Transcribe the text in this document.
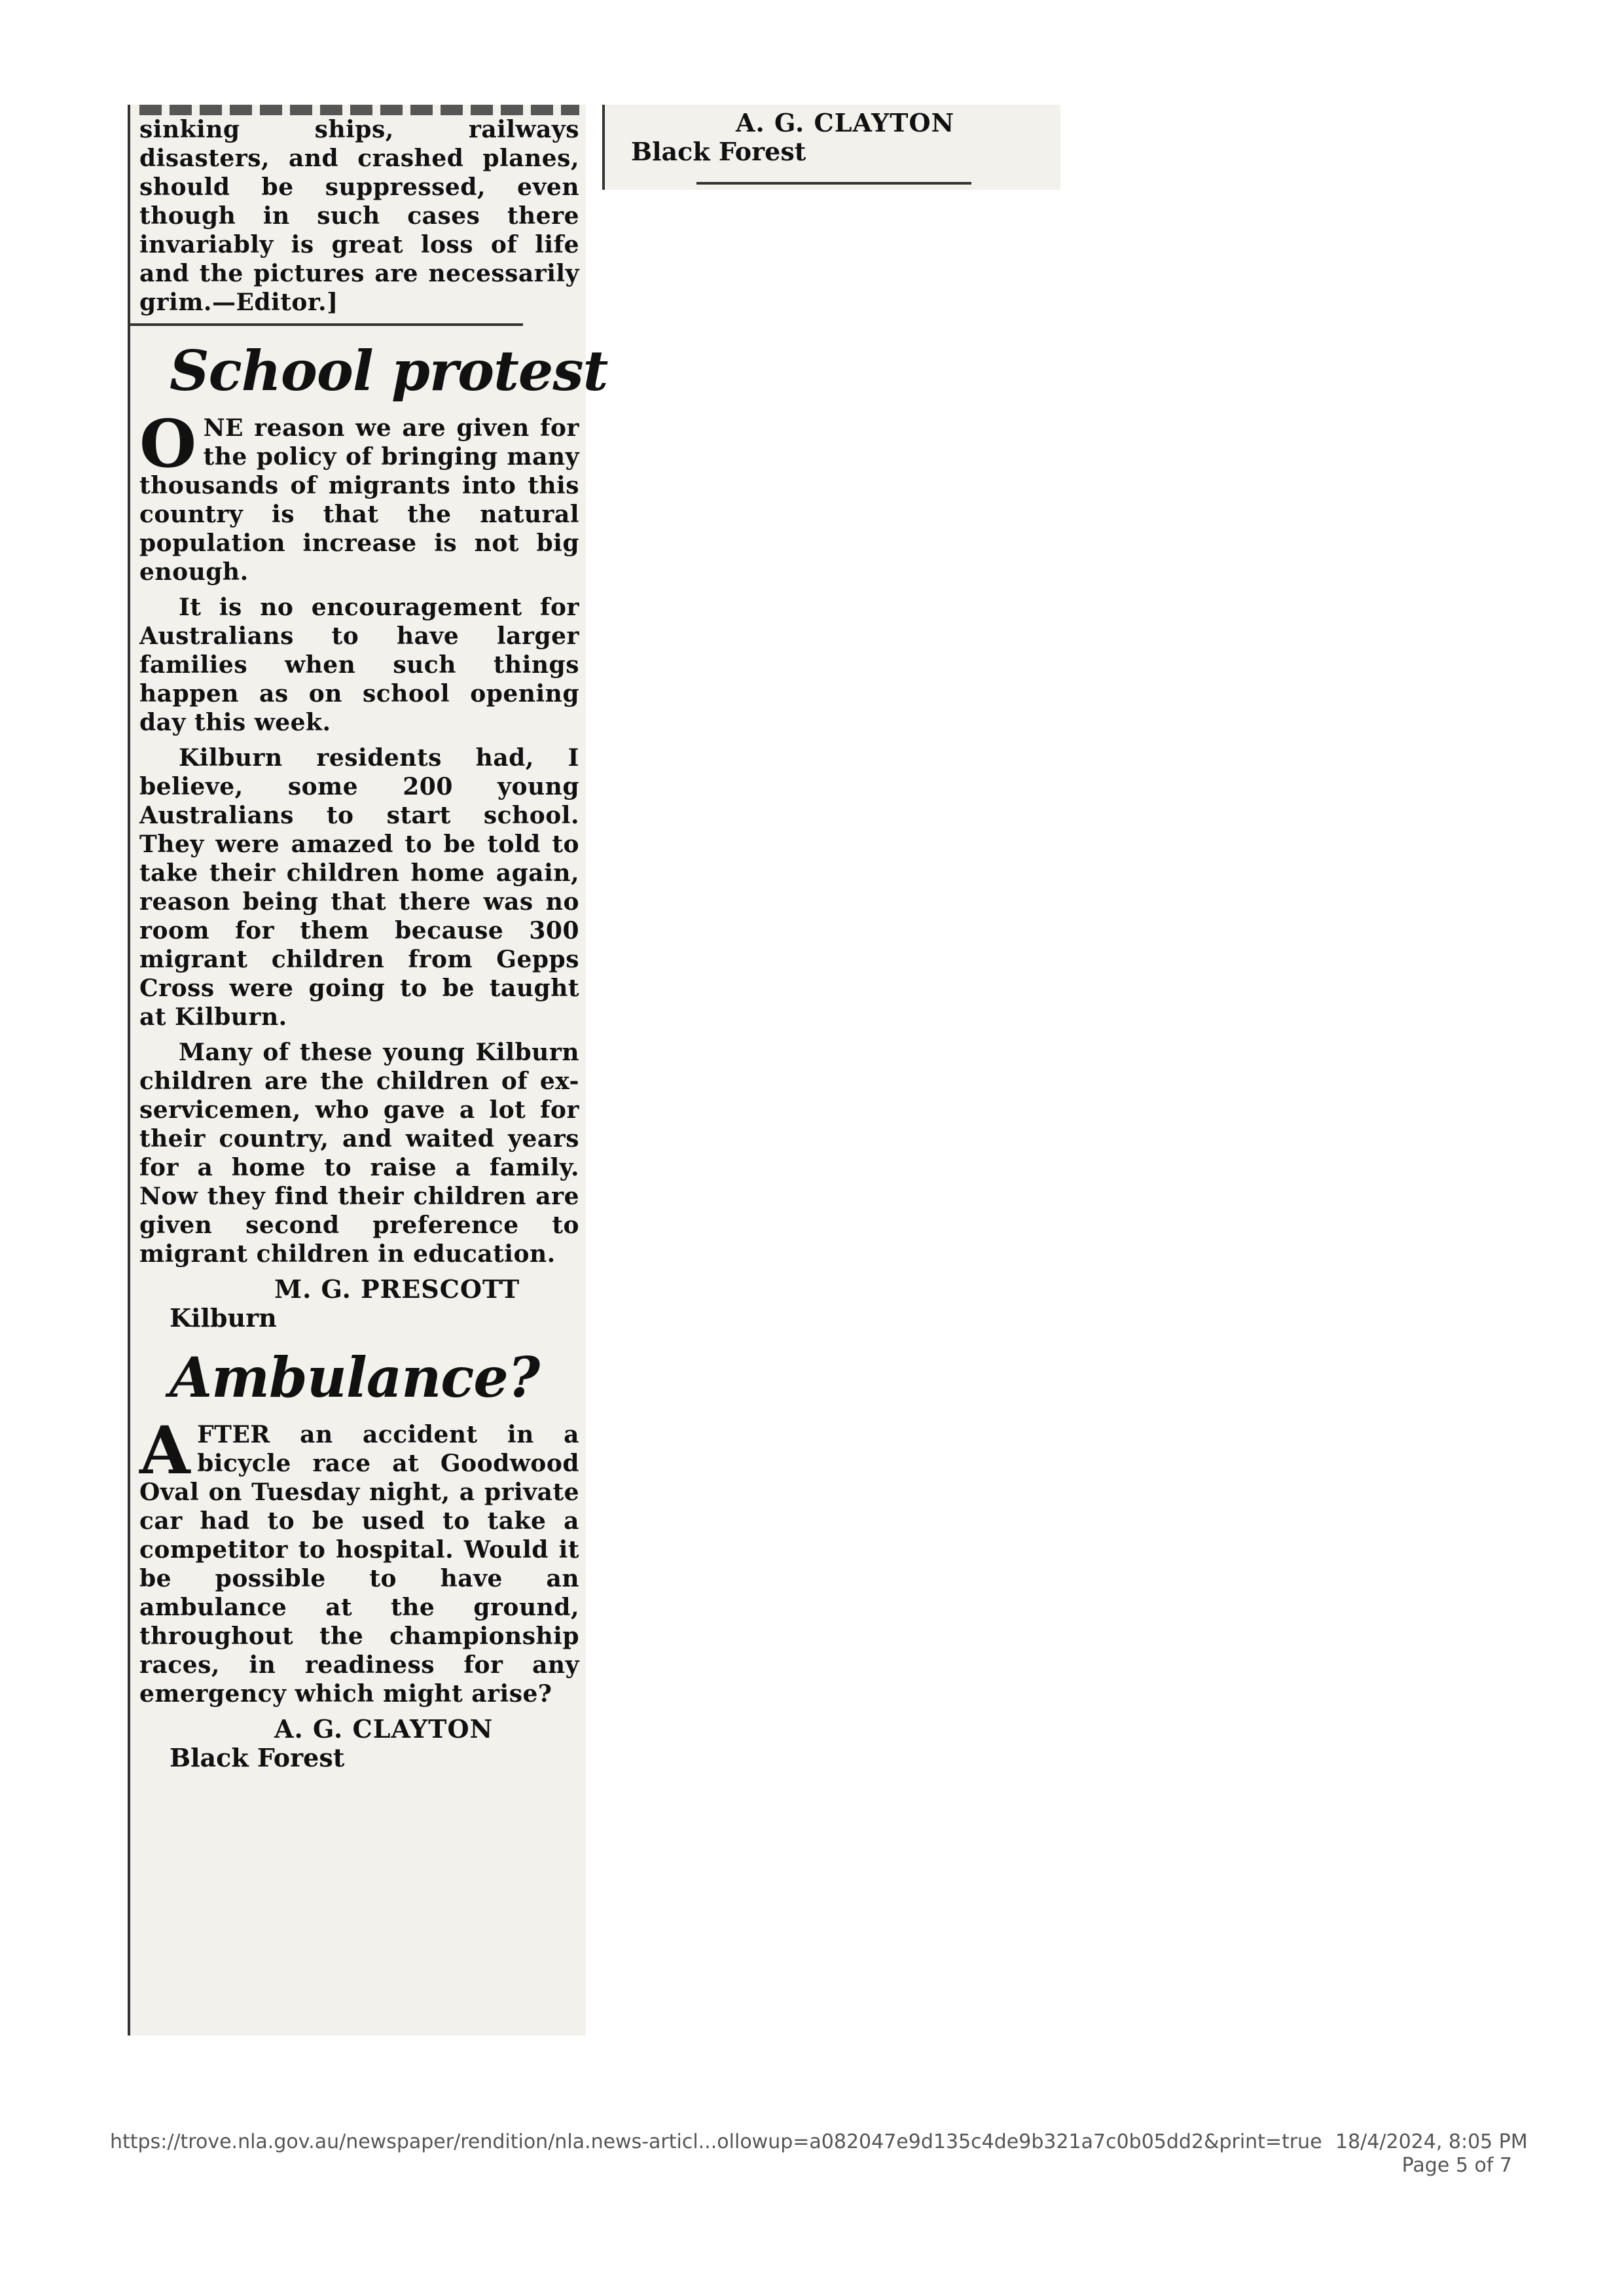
sinking ships, railways disasters, and crashed planes, should be suppressed, even though in such cases there invariably is great loss of life and the pictures are necessarily grim.—Editor.]

School protest

ONE reason we are given for the policy of bringing many thousands of migrants into this country is that the natural population increase is not big enough.

It is no encouragement for Australians to have larger families when such things happen as on school opening day this week.

Kilburn residents had, I believe, some 200 young Australians to start school. They were amazed to be told to take their children home again, reason being that there was no room for them because 300 migrant children from Gepps Cross were going to be taught at Kilburn.

Many of these young Kilburn children are the children of ex-servicemen, who gave a lot for their country, and waited years for a home to raise a family. Now they find their children are given second preference to migrant children in education.

M. G. PRESCOTT
Kilburn
Ambulance?

AFTER an accident in a bicycle race at Goodwood Oval on Tuesday night, a private car had to be used to take a competitor to hospital. Would it be possible to have an ambulance at the ground, throughout the championship races, in readiness for any emergency which might arise?

A. G. CLAYTON
Black Forest
A. G. CLAYTON
Black Forest
https://trove.nla.gov.au/newspaper/rendition/nla.news-articl...ollowup=a082047e9d135c4de9b321a7c0b05dd2&print=true 18/4/2024, 8:05 PM
Page 5 of 7
